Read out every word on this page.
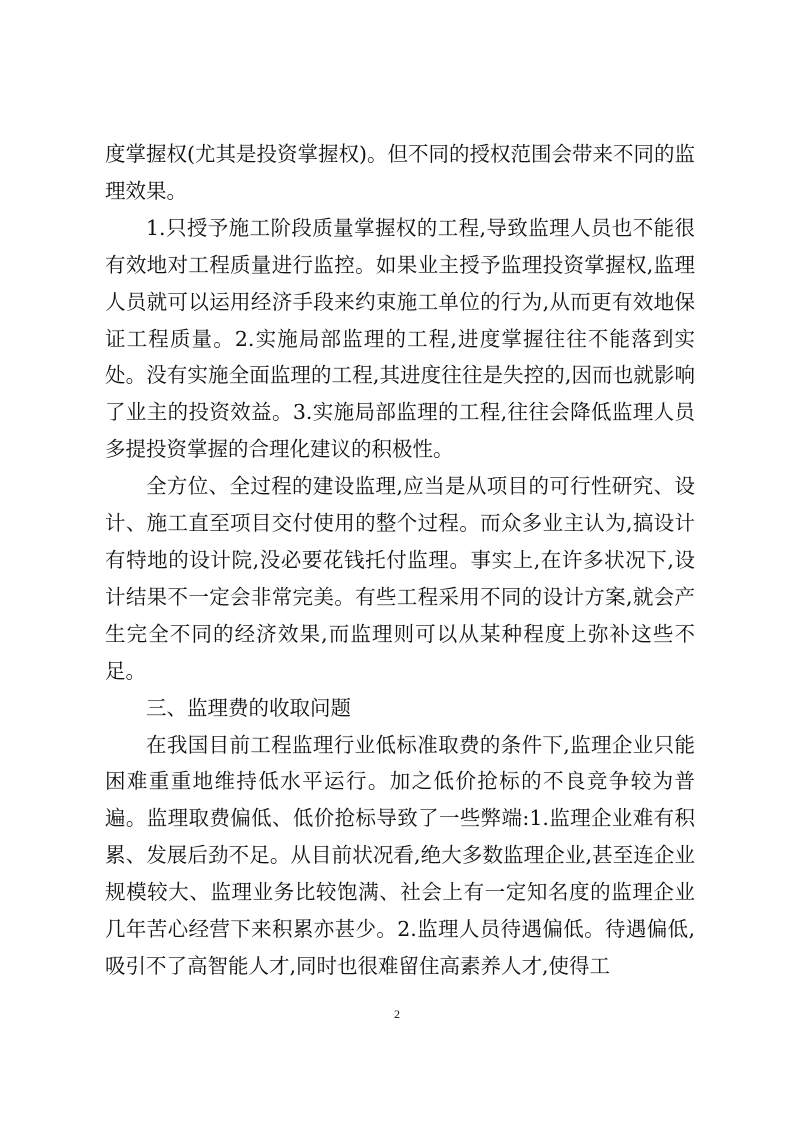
度掌握权(尤其是投资掌握权)。但不同的授权范围会带来不同的监理效果。

1.只授予施工阶段质量掌握权的工程,导致监理人员也不能很有效地对工程质量进行监控。如果业主授予监理投资掌握权,监理人员就可以运用经济手段来约束施工单位的行为,从而更有效地保证工程质量。2.实施局部监理的工程,进度掌握往往不能落到实处。没有实施全面监理的工程,其进度往往是失控的,因而也就影响了业主的投资效益。3.实施局部监理的工程,往往会降低监理人员多提投资掌握的合理化建议的积极性。

全方位、全过程的建设监理,应当是从项目的可行性研究、设计、施工直至项目交付使用的整个过程。而众多业主认为,搞设计有特地的设计院,没必要花钱托付监理。事实上,在许多状况下,设计结果不一定会非常完美。有些工程采用不同的设计方案,就会产生完全不同的经济效果,而监理则可以从某种程度上弥补这些不足。

三、监理费的收取问题

在我国目前工程监理行业低标准取费的条件下,监理企业只能困难重重地维持低水平运行。加之低价抢标的不良竞争较为普遍。监理取费偏低、低价抢标导致了一些弊端:1.监理企业难有积累、发展后劲不足。从目前状况看,绝大多数监理企业,甚至连企业规模较大、监理业务比较饱满、社会上有一定知名度的监理企业几年苦心经营下来积累亦甚少。2.监理人员待遇偏低。待遇偏低,吸引不了高智能人才,同时也很难留住高素养人才,使得工

2
